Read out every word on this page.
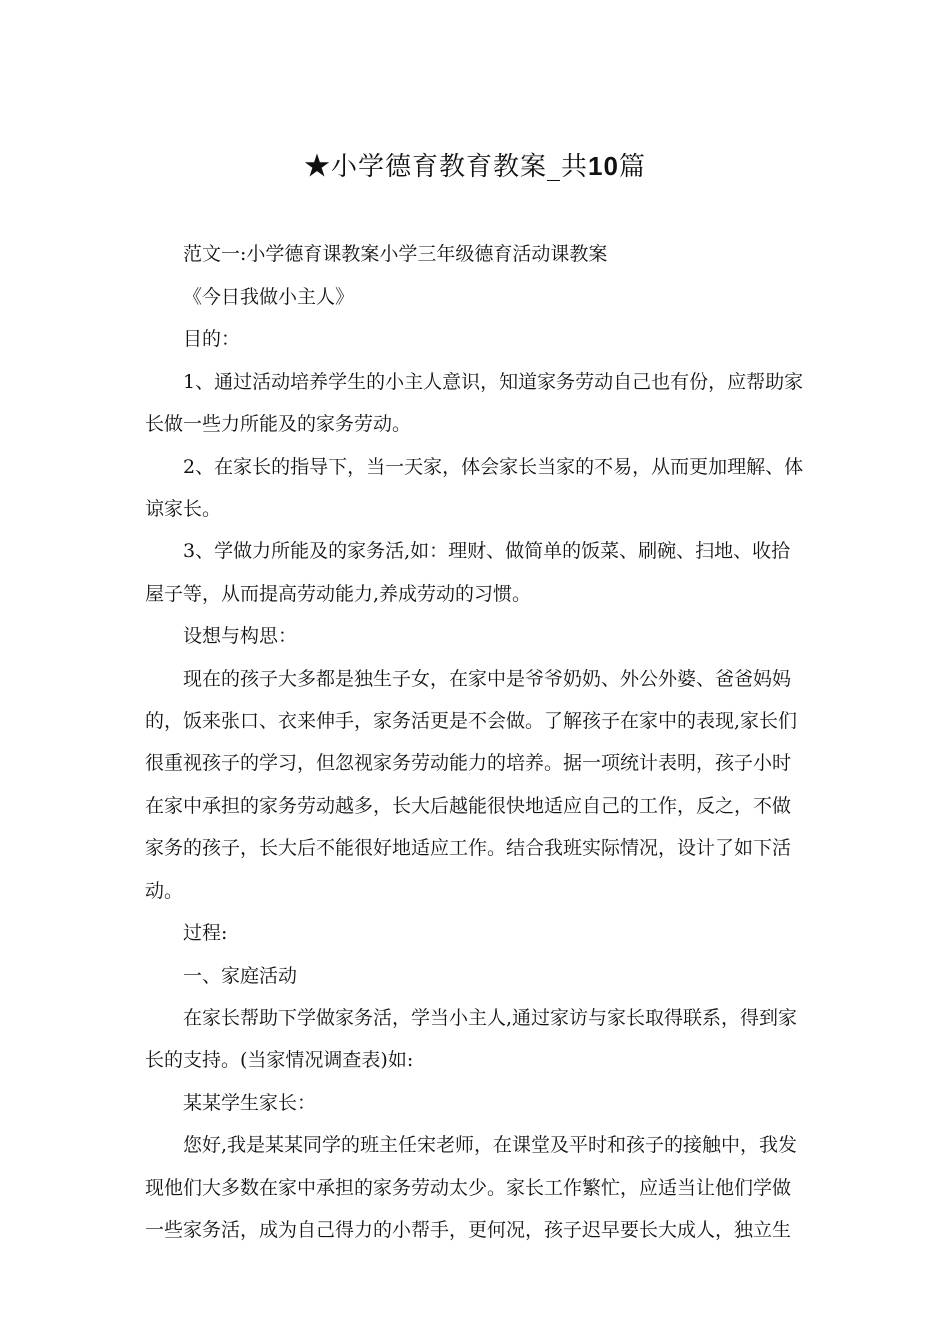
★小学德育教育教案_共10篇
范文一:小学德育课教案小学三年级德育活动课教案
《今日我做小主人》
目的：
1、通过活动培养学生的小主人意识，知道家务劳动自己也有份，应帮助家
长做一些力所能及的家务劳动。
2、在家长的指导下，当一天家，体会家长当家的不易，从而更加理解、体
谅家长。
3、学做力所能及的家务活,如：理财、做简单的饭菜、刷碗、扫地、收拾
屋子等，从而提高劳动能力,养成劳动的习惯。
设想与构思：
现在的孩子大多都是独生子女，在家中是爷爷奶奶、外公外婆、爸爸妈妈
的，饭来张口、衣来伸手，家务活更是不会做。了解孩子在家中的表现,家长们
很重视孩子的学习，但忽视家务劳动能力的培养。据一项统计表明，孩子小时
在家中承担的家务劳动越多，长大后越能很快地适应自己的工作，反之，不做
家务的孩子，长大后不能很好地适应工作。结合我班实际情况，设计了如下活
动。
过程:
一、家庭活动
在家长帮助下学做家务活，学当小主人,通过家访与家长取得联系，得到家
长的支持。(当家情况调查表)如:
某某学生家长：
您好,我是某某同学的班主任宋老师，在课堂及平时和孩子的接触中，我发
现他们大多数在家中承担的家务劳动太少。家长工作繁忙，应适当让他们学做
一些家务活，成为自己得力的小帮手，更何况，孩子迟早要长大成人，独立生
